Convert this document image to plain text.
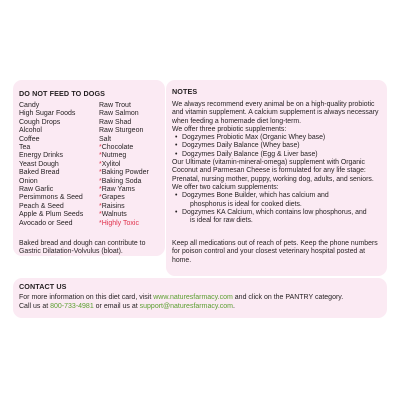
DO NOT FEED TO DOGS
Candy
High Sugar Foods
Cough Drops
Alcohol
Coffee
Tea
Energy Drinks
Yeast Dough
Baked Bread
Onion
Raw Garlic
Persimmons & Seed
Peach & Seed
Apple & Plum Seeds
Avocado or Seed
Raw Trout
Raw Salmon
Raw Shad
Raw Sturgeon
Salt
*Chocolate
*Nutmeg
*Xylitol
*Baking Powder
*Baking Soda
*Raw Yams
*Grapes
*Raisins
*Walnuts
*Highly Toxic
Baked bread and dough can contribute to Gastric Dilatation-Volvulus (bloat).
NOTES

We always recommend every animal be on a high-quality probiotic and vitamin supplement. A calcium supplement is always necessary when feeding a homemade diet long-term.

We offer three probiotic supplements:

• Dogzymes Probiotic Max (Organic Whey base)
• Dogzymes Daily Balance (Whey base)
• Dogzymes Daily Balance (Egg & Liver base)

Our Ultimate (vitamin-mineral-omega) supplement with Organic Coconut and Parmesan Cheese is formulated for any life stage: Prenatal, nursing mother, puppy, working dog, adults, and seniors.

We offer two calcium supplements:

• Dogzymes Bone Builder, which has calcium and
phosphorus is ideal for cooked diets.
• Dogzymes KA Calcium, which contains low phosphorus, and
is ideal for raw diets.
Keep all medications out of reach of pets. Keep the phone numbers for poison control and your closest veterinary hospital posted at home.
CONTACT US
For more information on this diet card, visit www.naturesfarmacy.com and click on the PANTRY category.
Call us at 800-733-4981 or email us at support@naturesfarmacy.com.
